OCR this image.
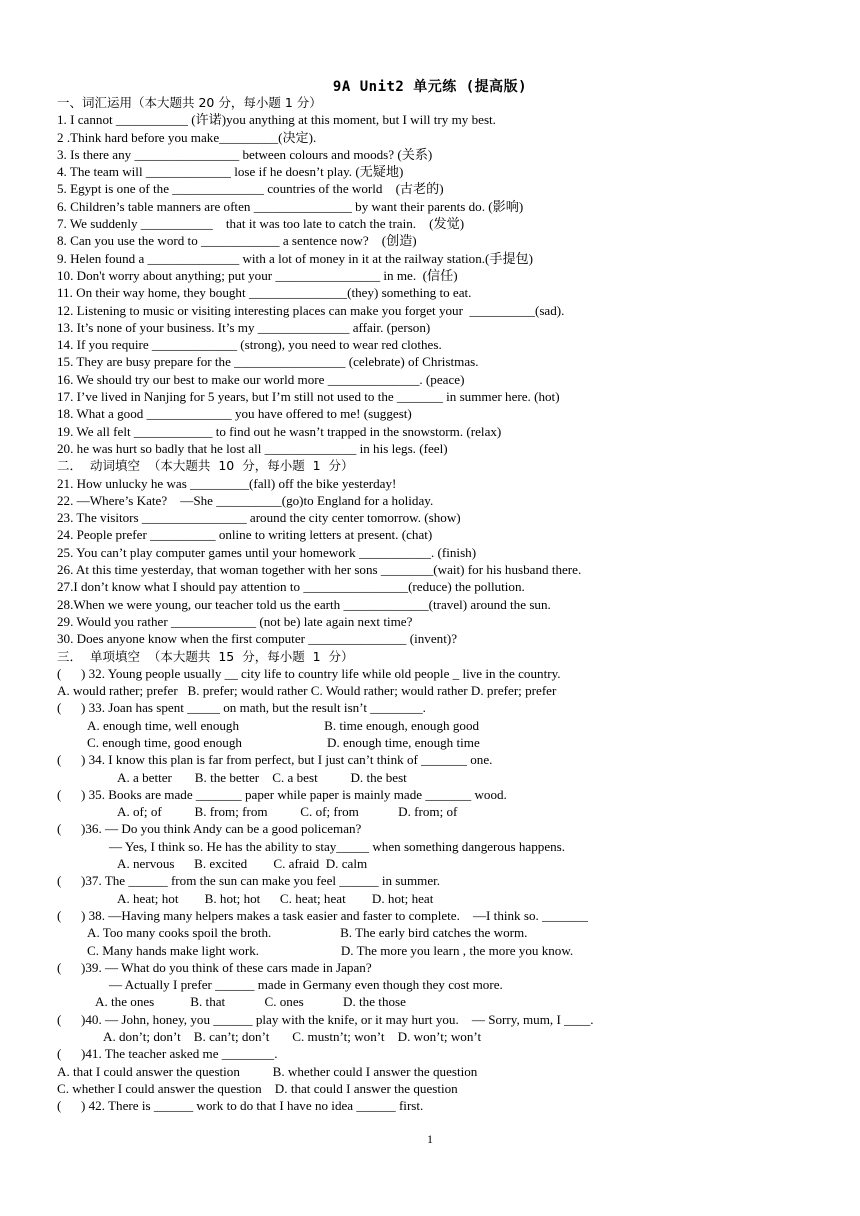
9A Unit2 单元练 (提高版)
一、词汇运用（本大题共 20 分，每小题 1 分）
1. I cannot ___________ (许诺)you anything at this moment, but I will try my best.
2 .Think hard before you make_________(决定).
3. Is there any ________________ between colours and moods? (关系)
4. The team will _____________ lose if he doesn’t play. (无疑地)
5. Egypt is one of the ______________ countries of the world    (古老的)
6. Children’s table manners are often _______________ by want their parents do. (影响)
7. We suddenly ___________    that it was too late to catch the train.    (发觉)
8. Can you use the word to ____________ a sentence now?    (创造)
9. Helen found a ______________ with a lot of money in it at the railway station.(手提包)
10. Don't worry about anything; put your ________________ in me.  (信任)
11. On their way home, they bought _______________(they) something to eat.
12. Listening to music or visiting interesting places can make you forget your  __________(sad).
13. It’s none of your business. It’s my ______________ affair. (person)
14. If you require _____________ (strong), you need to wear red clothes.
15. They are busy prepare for the _________________ (celebrate) of Christmas.
16. We should try our best to make our world more ______________. (peace)
17. I’ve lived in Nanjing for 5 years, but I’m still not used to the _______ in summer here. (hot)
18. What a good _____________ you have offered to me! (suggest)
19. We all felt ____________ to find out he wasn’t trapped in the snowstorm. (relax)
20. he was hurt so badly that he lost all ______________ in his legs. (feel)
二．  动词填空  （本大题共  10  分，每小题  1  分）
21. How unlucky he was _________(fall) off the bike yesterday!
22. —Where’s Kate?    —She __________(go)to England for a holiday.
23. The visitors ________________ around the city center tomorrow. (show)
24. People prefer __________ online to writing letters at present. (chat)
25. You can’t play computer games until your homework ___________. (finish)
26. At this time yesterday, that woman together with her sons ________(wait) for his husband there.
27.I don’t know what I should pay attention to ________________(reduce) the pollution.
28.When we were young, our teacher told us the earth _____________(travel) around the sun.
29. Would you rather _____________ (not be) late again next time?
30. Does anyone know when the first computer _______________ (invent)?
三．  单项填空  （本大题共  15  分，每小题  1  分）
(      ) 32. Young people usually __ city life to country life while old people _ live in the country.
A. would rather; prefer   B. prefer; would rather C. Would rather; would rather D. prefer; prefer
(      ) 33. Joan has spent _____ on math, but the result isn’t ________.
A. enough time, well enough                          B. time enough, enough good
C. enough time, good enough                          D. enough time, enough time
(      ) 34. I know this plan is far from perfect, but I just can’t think of _______ one.
A. a better       B. the better    C. a best          D. the best
(      ) 35. Books are made _______ paper while paper is mainly made _______ wood.
A. of; of          B. from; from          C. of; from            D. from; of
(      )36. — Do you think Andy can be a good policeman?
— Yes, I think so. He has the ability to stay_____ when something dangerous happens.
A. nervous      B. excited        C. afraid  D. calm
(      )37. The ______ from the sun can make you feel ______ in summer.
A. heat; hot        B. hot; hot      C. heat; heat        D. hot; heat
(      ) 38. —Having many helpers makes a task easier and faster to complete.    —I think so. _______
A. Too many cooks spoil the broth.                     B. The early bird catches the worm.
C. Many hands make light work.                         D. The more you learn , the more you know.
(      )39. — What do you think of these cars made in Japan?
— Actually I prefer ______ made in Germany even though they cost more.
A. the ones           B. that            C. ones            D. the those
(      )40. — John, honey, you ______ play with the knife, or it may hurt you.    — Sorry, mum, I ____.
A. don’t; don’t    B. can’t; don’t       C. mustn’t; won’t    D. won’t; won’t
(      )41. The teacher asked me ________.
A. that I could answer the question          B. whether could I answer the question
C. whether I could answer the question    D. that could I answer the question
(      ) 42. There is ______ work to do that I have no idea ______ first.
1
